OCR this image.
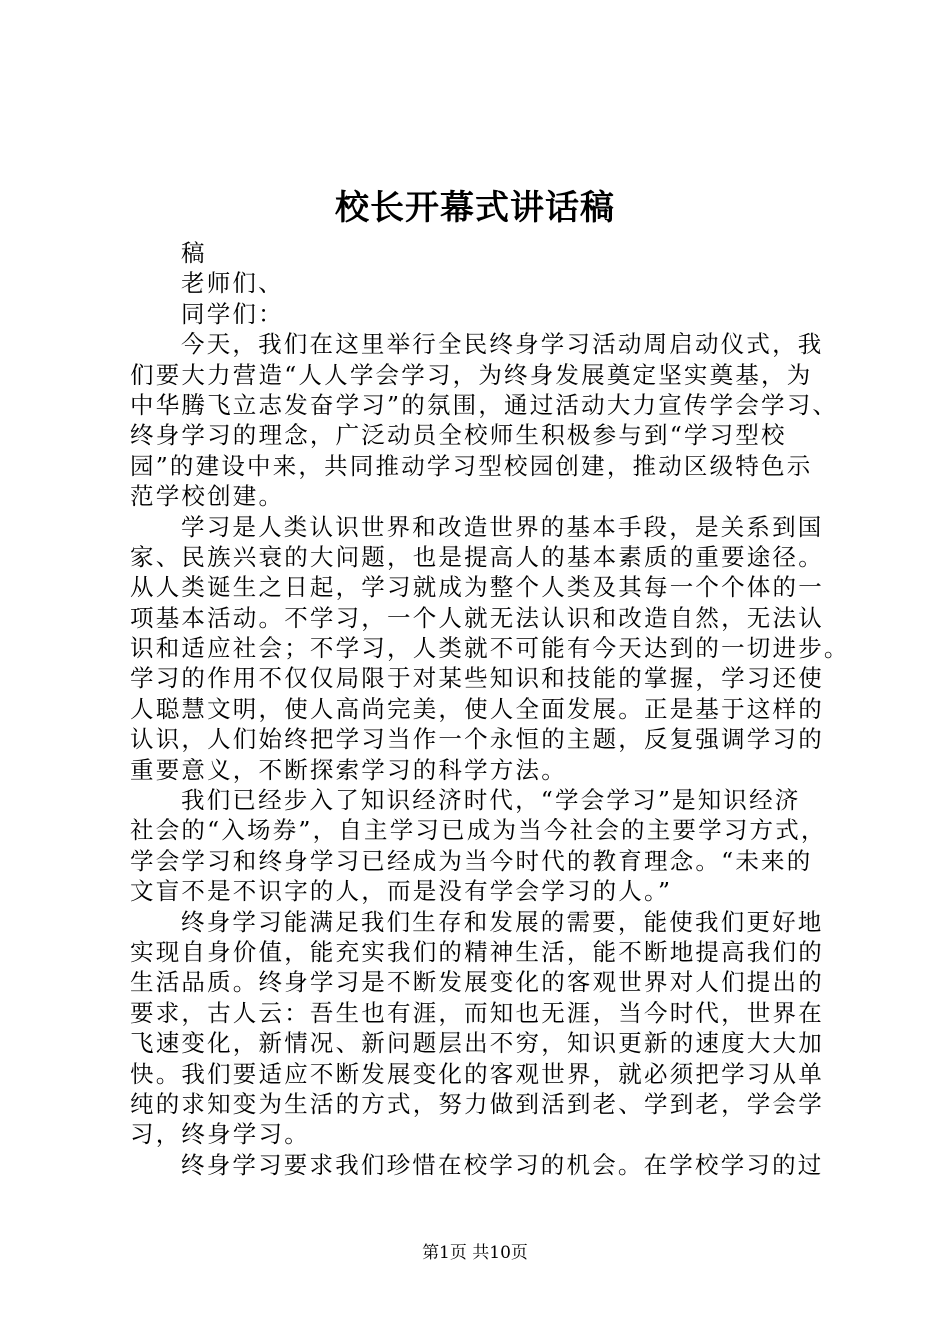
校长开幕式讲话稿
稿
老师们、
同学们：
今天，我们在这里举行全民终身学习活动周启动仪式，我
们要大力营造“人人学会学习，为终身发展奠定坚实奠基，为
中华腾飞立志发奋学习”的氛围，通过活动大力宣传学会学习、
终身学习的理念，广泛动员全校师生积极参与到“学习型校
园”的建设中来，共同推动学习型校园创建，推动区级特色示
范学校创建。
学习是人类认识世界和改造世界的基本手段，是关系到国
家、民族兴衰的大问题，也是提高人的基本素质的重要途径。
从人类诞生之日起，学习就成为整个人类及其每一个个体的一
项基本活动。不学习，一个人就无法认识和改造自然，无法认
识和适应社会；不学习，人类就不可能有今天达到的一切进步。
学习的作用不仅仅局限于对某些知识和技能的掌握，学习还使
人聪慧文明，使人高尚完美，使人全面发展。正是基于这样的
认识，人们始终把学习当作一个永恒的主题，反复强调学习的
重要意义，不断探索学习的科学方法。
我们已经步入了知识经济时代，“学会学习”是知识经济
社会的“入场券”，自主学习已成为当今社会的主要学习方式，
学会学习和终身学习已经成为当今时代的教育理念。“未来的
文盲不是不识字的人，而是没有学会学习的人。”
终身学习能满足我们生存和发展的需要，能使我们更好地
实现自身价值，能充实我们的精神生活，能不断地提高我们的
生活品质。终身学习是不断发展变化的客观世界对人们提出的
要求，古人云：吾生也有涯，而知也无涯，当今时代，世界在
飞速变化，新情况、新问题层出不穷，知识更新的速度大大加
快。我们要适应不断发展变化的客观世界，就必须把学习从单
纯的求知变为生活的方式，努力做到活到老、学到老，学会学
习，终身学习。
终身学习要求我们珍惜在校学习的机会。在学校学习的过
第1页 共10页
